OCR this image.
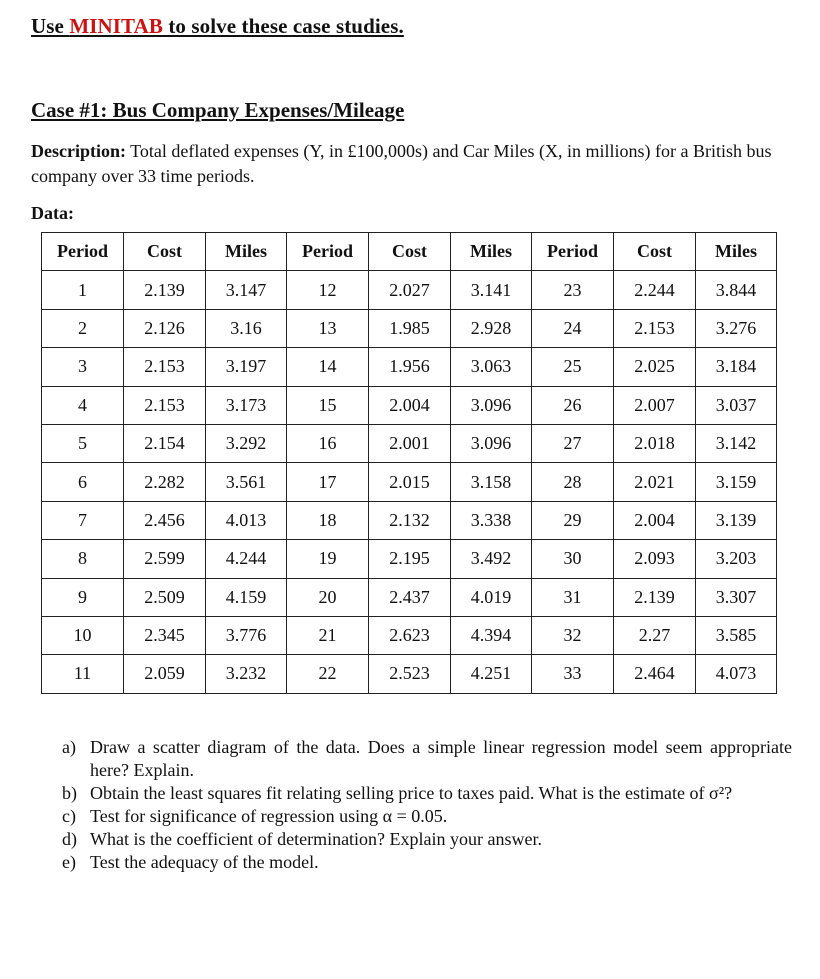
Use MINITAB to solve these case studies.
Case #1: Bus Company Expenses/Mileage
Description: Total deflated expenses (Y, in £100,000s) and Car Miles (X, in millions) for a British bus company over 33 time periods.
Data:
Period	Cost	Miles	Period	Cost	Miles	Period	Cost	Miles
1	2.139	3.147	12	2.027	3.141	23	2.244	3.844
2	2.126	3.16	13	1.985	2.928	24	2.153	3.276
3	2.153	3.197	14	1.956	3.063	25	2.025	3.184
4	2.153	3.173	15	2.004	3.096	26	2.007	3.037
5	2.154	3.292	16	2.001	3.096	27	2.018	3.142
6	2.282	3.561	17	2.015	3.158	28	2.021	3.159
7	2.456	4.013	18	2.132	3.338	29	2.004	3.139
8	2.599	4.244	19	2.195	3.492	30	2.093	3.203
9	2.509	4.159	20	2.437	4.019	31	2.139	3.307
10	2.345	3.776	21	2.623	4.394	32	2.27	3.585
11	2.059	3.232	22	2.523	4.251	33	2.464	4.073
a) Draw a scatter diagram of the data. Does a simple linear regression model seem appropriate here? Explain.
b) Obtain the least squares fit relating selling price to taxes paid. What is the estimate of σ²?
c) Test for significance of regression using α = 0.05.
d) What is the coefficient of determination? Explain your answer.
e) Test the adequacy of the model.
